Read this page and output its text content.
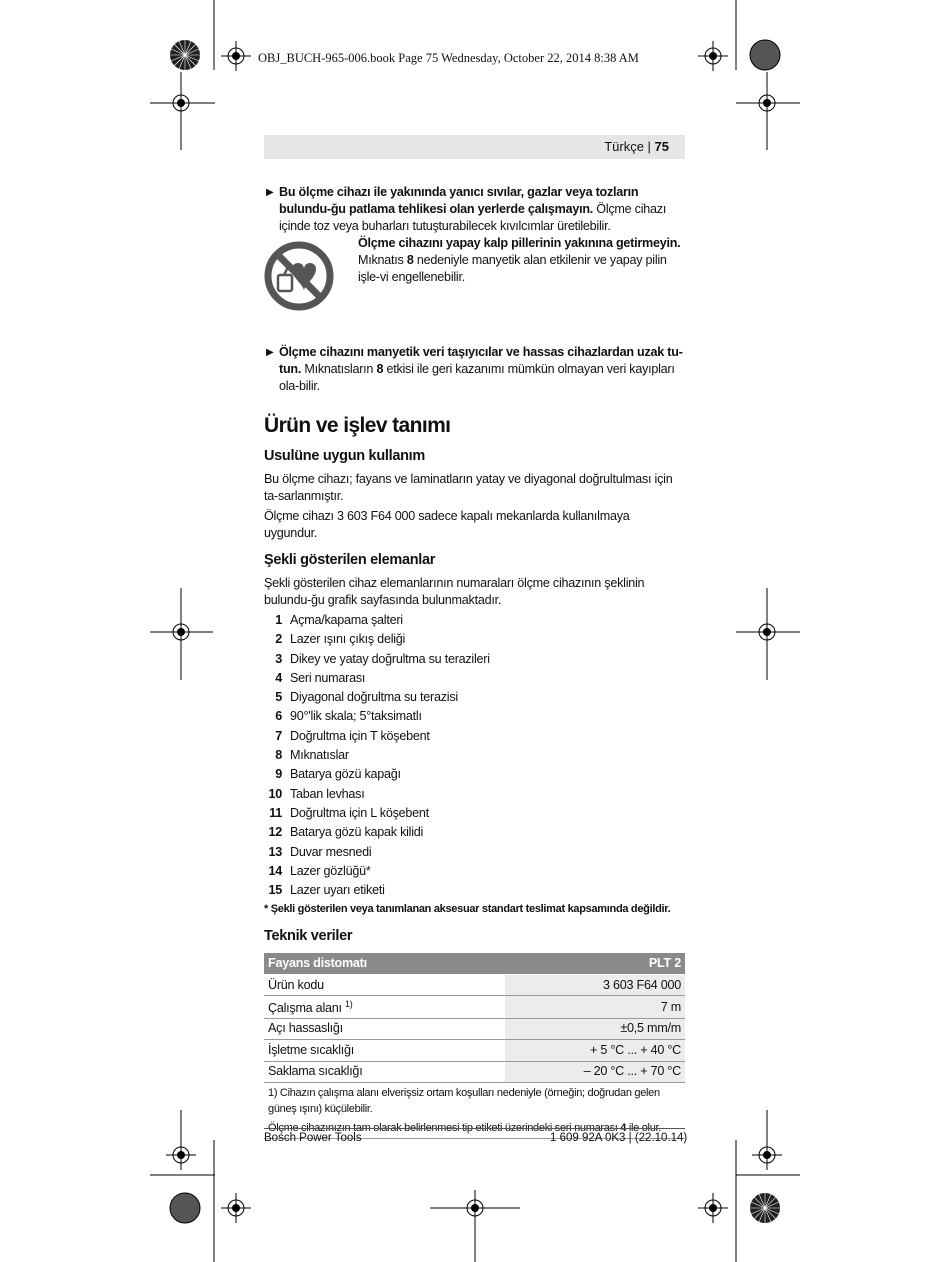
OBJ_BUCH-965-006.book Page 75 Wednesday, October 22, 2014 8:38 AM
Türkçe | 75
▶ Bu ölçme cihazı ile yakınında yanıcı sıvılar, gazlar veya tozların bulundu-ğu patlama tehlikesi olan yerlerde çalışmayın. Ölçme cihazı içinde toz veya buharları tutuşturabilecek kıvılcımlar üretilebilir.

Ölçme cihazını yapay kalp pillerinin yakınına getirmeyin.

Mıknatıs 8 nedeniyle manyetik alan etkilenir ve yapay pilin işle-vi engellenebilir.

▶ Ölçme cihazını manyetik veri taşıyıcılar ve hassas cihazlardan uzak tu-tun. Mıknatısların 8 etkisi ile geri kazanımı mümkün olmayan veri kayıpları ola-bilir.

Ürün ve işlev tanımı
Usulüne uygun kullanım

Bu ölçme cihazı; fayans ve laminatların yatay ve diyagonal doğrultulması için ta-sarlanmıştır.

Ölçme cihazı 3 603 F64 000 sadece kapalı mekanlarda kullanılmaya uygundur.

Şekli gösterilen elemanlar

Şekli gösterilen cihaz elemanlarının numaraları ölçme cihazının şeklinin bulundu-ğu grafik sayfasında bulunmaktadır.

1 Açma/kapama şalteri
2 Lazer ışını çıkış deliği
3 Dikey ve yatay doğrultma su terazileri
4 Seri numarası
5 Diyagonal doğrultma su terazisi
6 90°'lik skala; 5°taksimatlı
7 Doğrultma için T köşebent
8 Mıknatıslar
9 Batarya gözü kapağı
10 Taban levhası
11 Doğrultma için L köşebent
12 Batarya gözü kapak kilidi
13 Duvar mesnedi
14 Lazer gözlüğü*
15 Lazer uyarı etiketi

* Şekli gösterilen veya tanımlanan aksesuar standart teslimat kapsamında değildir.

Teknik veriler
Fayans distomatı	PLT 2
Ürün kodu	3 603 F64 000
Çalışma alanı $^{1)}$	7 m
Açı hassaslığı	±0,5 mm/m
İşletme sıcaklığı	+ 5 °C ... + 40 °C
Saklama sıcaklığı	– 20 °C ... + 70 °C

1) Cihazın çalışma alanı elverişsiz ortam koşulları nedeniyle (örneğin; doğrudan gelen güneş ışını) küçülebilir.

Ölçme cihazınızın tam olarak belirlenmesi tip etiketi üzerindeki seri numarası 4 ile olur.

Bosch Power Tools	1 609 92A 0K3 | (22.10.14)
